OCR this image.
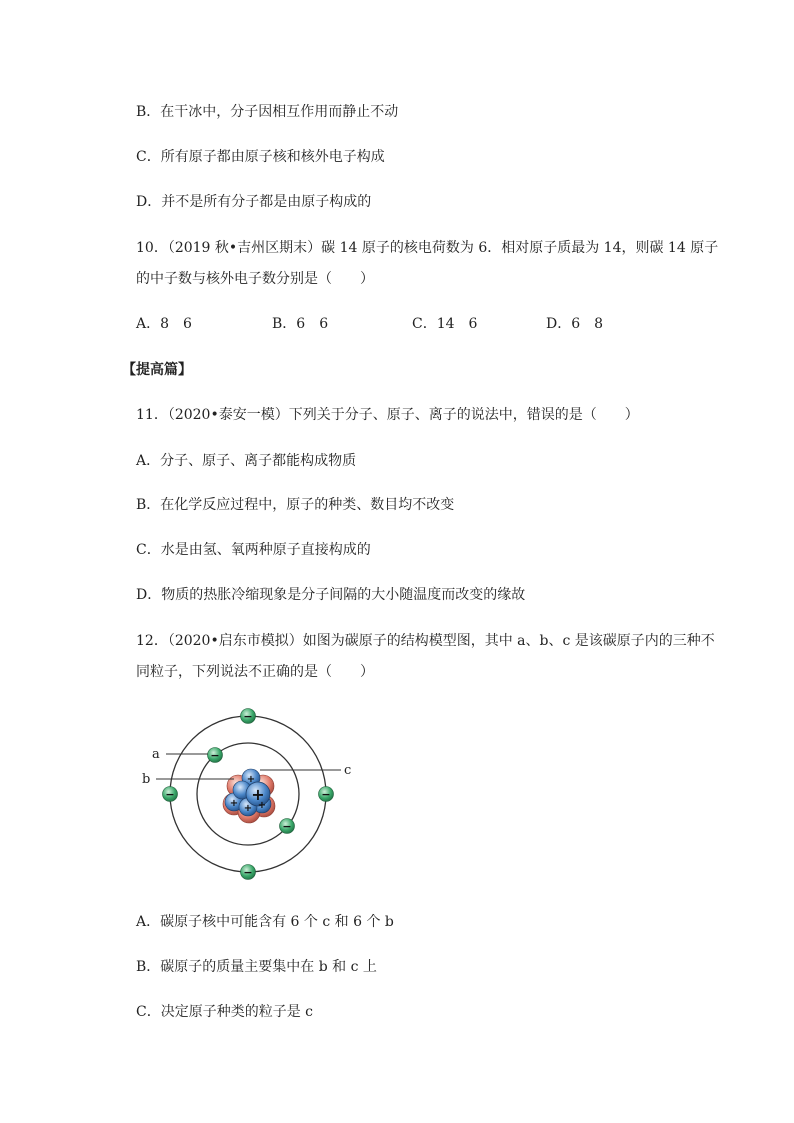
B．在干冰中，分子因相互作用而静止不动
C．所有原子都由原子核和核外电子构成
D．并不是所有分子都是由原子构成的
10．（2019 秋•吉州区期末）碳 14 原子的核电荷数为 6．相对原子质最为 14，则碳 14 原子
的中子数与核外电子数分别是（　　）
A．8　6	B．6　6	C．14　6	D．6　8
【提高篇】
11．（2020•泰安一模）下列关于分子、原子、离子的说法中，错误的是（　　）
A．分子、原子、离子都能构成物质
B．在化学反应过程中，原子的种类、数目均不改变
C．水是由氢、氧两种原子直接构成的
D．物质的热胀冷缩现象是分子间隔的大小随温度而改变的缘故
12．（2020•启东市模拟）如图为碳原子的结构模型图，其中 a、b、c 是该碳原子内的三种不
同粒子，下列说法不正确的是（　　）
+
+ +
+
+
−
−
−	−
−
−
a
b
c
A．碳原子核中可能含有 6 个 c 和 6 个 b
B．碳原子的质量主要集中在 b 和 c 上
C．决定原子种类的粒子是 c
